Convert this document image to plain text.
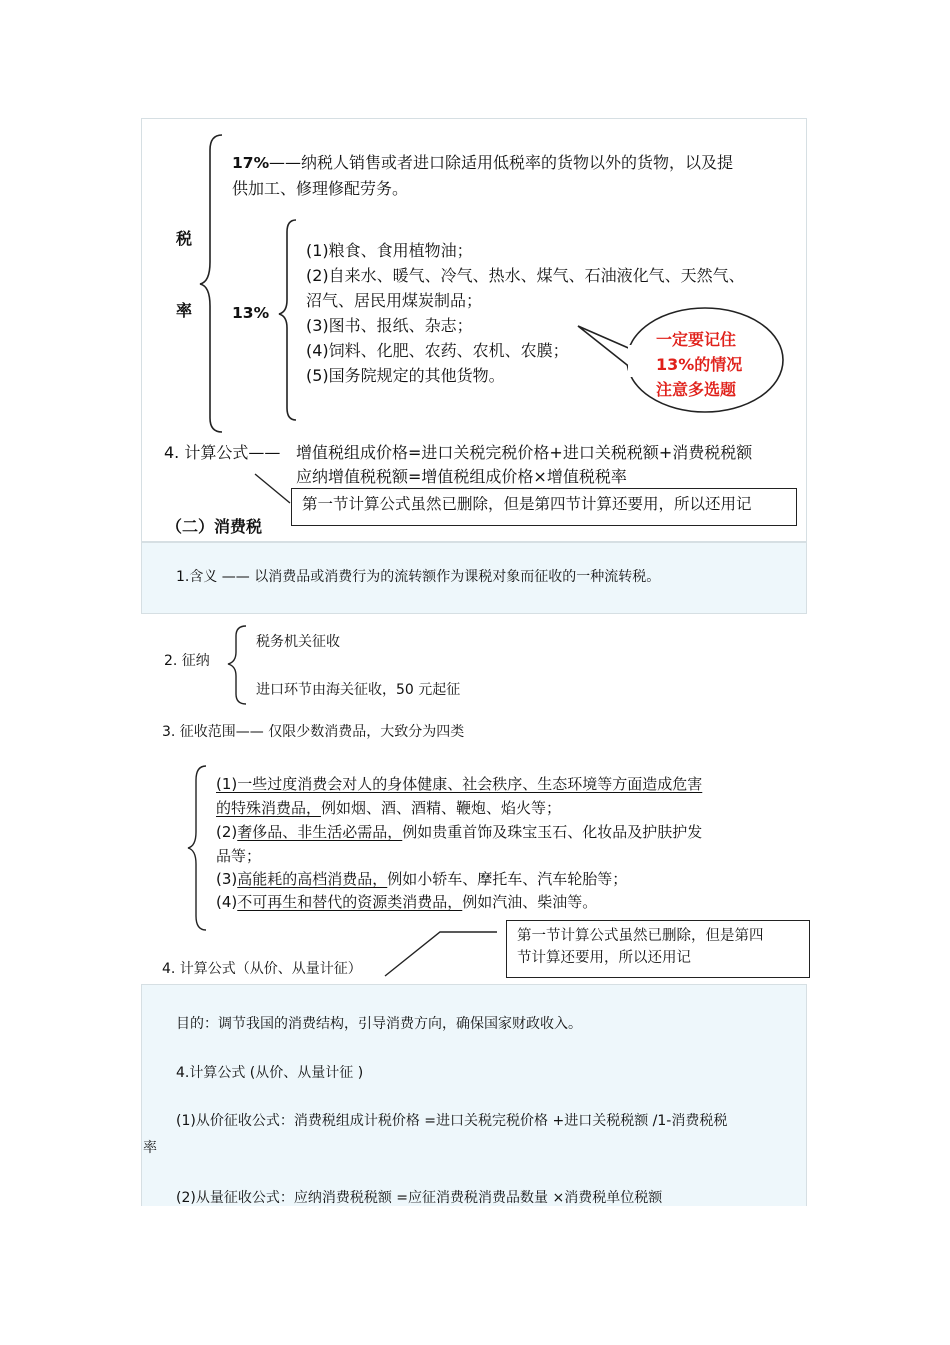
税
率
17% ——纳税人销售或者进口除适用低税率的货物以外的货物，以及提
供加工、修理修配劳务。
13%
(1)粮食、食用植物油；
(2)自来水、暖气、冷气、热水、煤气、石油液化气、天然气、
沼气、居民用煤炭制品；
(3)图书、报纸、杂志；
(4)饲料、化肥、农药、农机、农膜；
(5)国务院规定的其他货物。
一定要记住
13%的情况
注意多选题
4. 计算公式—— 增值税组成价格=进口关税完税价格+进口关税税额+消费税税额
应纳增值税税额=增值税组成价格×增值税税率
第一节计算公式虽然已删除，但是第四节计算还要用，所以还用记
（二）消费税
1.含义 —— 以消费品或消费行为的流转额作为课税对象而征收的一种流转税。
2. 征纳
税务机关征收
进口环节由海关征收，50 元起征
3. 征收范围—— 仅限少数消费品，大致分为四类
(1)一些过度消费会对人的身体健康、社会秩序、生态环境等方面造成危害
的特殊消费品，例如烟、酒、酒精、鞭炮、焰火等；
(2)奢侈品、非生活必需品，例如贵重首饰及珠宝玉石、化妆品及护肤护发
品等；
(3)高能耗的高档消费品，例如小轿车、摩托车、汽车轮胎等；
(4)不可再生和替代的资源类消费品，例如汽油、柴油等。
4. 计算公式（从价、从量计征）
第一节计算公式虽然已删除，但是第四
节计算还要用，所以还用记
目的：调节我国的消费结构，引导消费方向，确保国家财政收入。
4.计算公式 (从价、从量计征 )
(1)从价征收公式：消费税组成计税价格 =进口关税完税价格 +进口关税税额 /1-消费税税
率
(2)从量征收公式：应纳消费税税额 =应征消费税消费品数量 ×消费税单位税额
